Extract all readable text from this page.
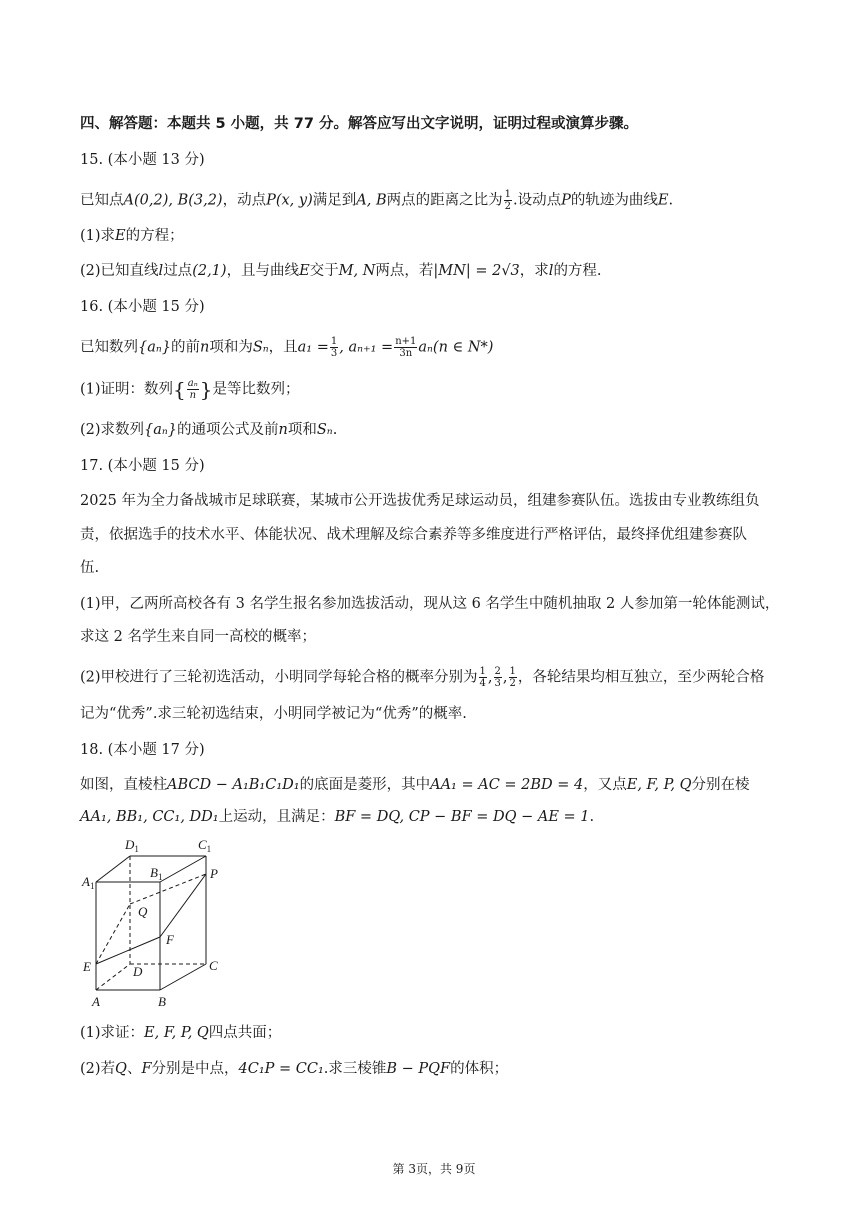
四、解答题：本题共 5 小题，共 77 分。解答应写出文字说明，证明过程或演算步骤。
15. (本小题 13 分)
已知点A(0,2), B(3,2)，动点P(x, y)满足到A, B两点的距离之比为 $\frac{1}{2}$ .设动点P的轨迹为曲线E.
(1)求E的方程；
(2)已知直线l过点(2,1)，且与曲线E交于M, N两点，若|MN| = 2√3，求l的方程.
16. (本小题 15 分)
已知数列{aₙ}的前n项和为Sₙ，且$a_1 = \frac{1}{3}$ , $a_{n+1} = \frac{n+1}{3n} a_n(n$ ∈ N*)
(1)证明：数列{ $\frac{\text{aₙ}}{n}$ }是等比数列；
(2)求数列{aₙ}的通项公式及前n项和Sₙ.
17. (本小题 15 分)
2025 年为全力备战城市足球联赛，某城市公开选拔优秀足球运动员，组建参赛队伍。选拔由专业教练组负
责，依据选手的技术水平、体能状况、战术理解及综合素养等多维度进行严格评估，最终择优组建参赛队
伍.
(1)甲，乙两所高校各有 3 名学生报名参加选拔活动，现从这 6 名学生中随机抽取 2 人参加第一轮体能测试，
求这 2 名学生来自同一高校的概率；
(2)甲校进行了三轮初选活动，小明同学每轮合格的概率分别为 $\frac{1}{4}$ , $\frac{2}{3}$ , $\frac{1}{2}$ ，各轮结果均相互独立，至少两轮合格
记为“优秀”.求三轮初选结束，小明同学被记为“优秀”的概率.
18. (本小题 17 分)
如图，直棱柱ABCD − A₁B₁C₁D₁的底面是菱形，其中AA₁ = AC = 2BD = 4，又点E, F, P, Q分别在棱
AA₁, BB₁, CC₁, DD₁上运动，且满足：BF = DQ, CP − BF = DQ − AE = 1.
(1)求证：E, F, P, Q四点共面；
(2)若Q、F分别是中点，4C₁P = CC₁.求三棱锥B − PQF的体积；
$A_1$
$D_1$	$C_1$
$B_1$	P
Q
F
E	D	C
A	B
第 3页，共 9页
